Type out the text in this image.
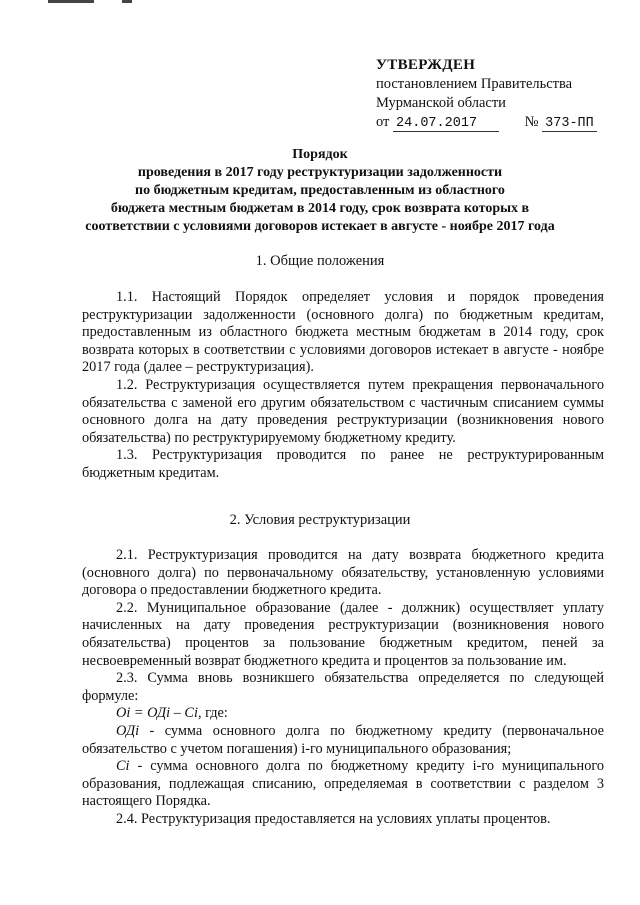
УТВЕРЖДЕН
постановлением Правительства
Мурманской области
от 24.07.2017	№ 373-ПП
Порядок
проведения в 2017 году реструктуризации задолженности
по бюджетным кредитам, предоставленным из областного
бюджета местным бюджетам в 2014 году, срок возврата которых в
соответствии с условиями договоров истекает в августе - ноябре 2017 года
1. Общие положения

1.1. Настоящий Порядок определяет условия и порядок проведения реструктуризации задолженности (основного долга) по бюджетным кредитам, предоставленным из областного бюджета местным бюджетам в 2014 году, срок возврата которых в соответствии с условиями договоров истекает в августе - ноябре 2017 года (далее – реструктуризация).

1.2. Реструктуризация осуществляется путем прекращения первоначального обязательства с заменой его другим обязательством с частичным списанием суммы основного долга на дату проведения реструктуризации (возникновения нового обязательства) по реструктурируемому бюджетному кредиту.

1.3. Реструктуризация проводится по ранее не реструктурированным бюджетным кредитам.

2. Условия реструктуризации

2.1. Реструктуризация проводится на дату возврата бюджетного кредита (основного долга) по первоначальному обязательству, установленную условиями договора о предоставлении бюджетного кредита.

2.2. Муниципальное образование (далее - должник) осуществляет уплату начисленных на дату проведения реструктуризации (возникновения нового обязательства) процентов за пользование бюджетным кредитом, пеней за несвоевременный возврат бюджетного кредита и процентов за пользование им.

2.3. Сумма вновь возникшего обязательства определяется по следующей формуле:

Oi = ОДi – Ci, где:

ОДi - сумма основного долга по бюджетному кредиту (первоначальное обязательство с учетом погашения) i-го муниципального образования;

Ci - сумма основного долга по бюджетному кредиту i-го муниципального образования, подлежащая списанию, определяемая в соответствии с разделом 3 настоящего Порядка.

2.4. Реструктуризация предоставляется на условиях уплаты процентов.
